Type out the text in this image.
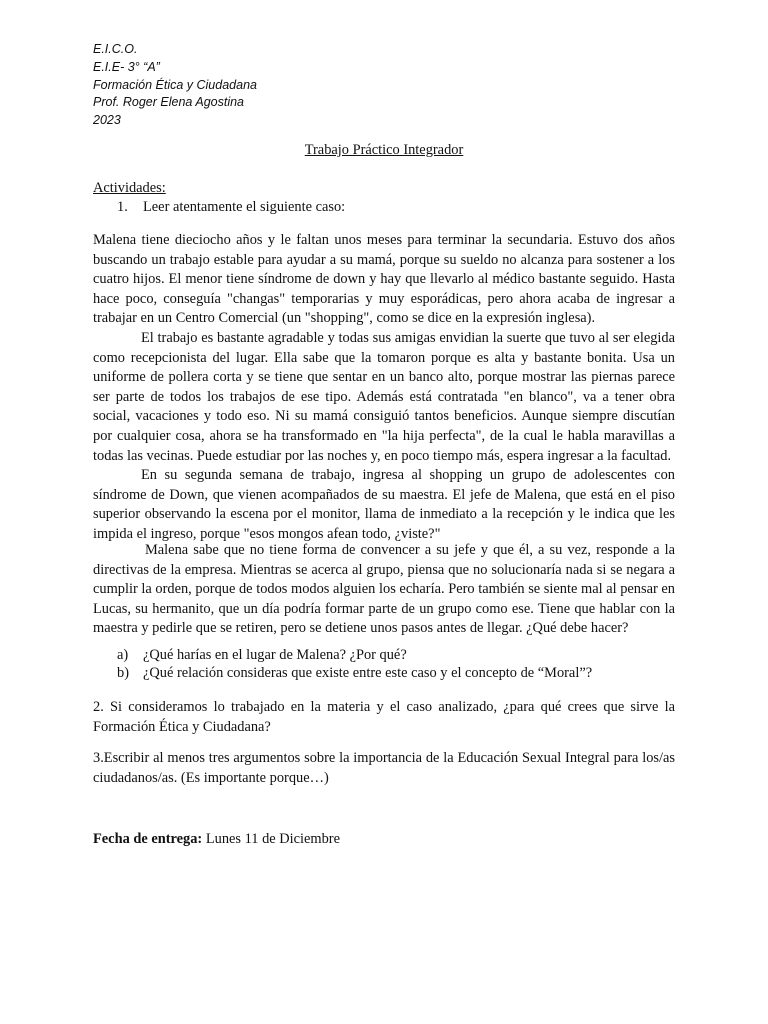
E.I.C.O.
E.I.E- 3° “A”
Formación Ética y Ciudadana
Prof. Roger Elena Agostina
2023
Trabajo Práctico Integrador
Actividades:
1. Leer atentamente el siguiente caso:

Malena tiene dieciocho años y le faltan unos meses para terminar la secundaria. Estuvo dos años buscando un trabajo estable para ayudar a su mamá, porque su sueldo no alcanza para sostener a los cuatro hijos. El menor tiene síndrome de down y hay que llevarlo al médico bastante seguido. Hasta hace poco, conseguía "changas" temporarias y muy esporádicas, pero ahora acaba de ingresar a trabajar en un Centro Comercial (un "shopping", como se dice en la expresión inglesa).

El trabajo es bastante agradable y todas sus amigas envidian la suerte que tuvo al ser elegida como recepcionista del lugar. Ella sabe que la tomaron porque es alta y bastante bonita. Usa un uniforme de pollera corta y se tiene que sentar en un banco alto, porque mostrar las piernas parece ser parte de todos los trabajos de ese tipo. Además está contratada "en blanco", va a tener obra social, vacaciones y todo eso. Ni su mamá consiguió tantos beneficios. Aunque siempre discutían por cualquier cosa, ahora se ha transformado en "la hija perfecta", de la cual le habla maravillas a todas las vecinas. Puede estudiar por las noches y, en poco tiempo más, espera ingresar a la facultad.

En su segunda semana de trabajo, ingresa al shopping un grupo de adolescentes con síndrome de Down, que vienen acompañados de su maestra. El jefe de Malena, que está en el piso superior observando la escena por el monitor, llama de inmediato a la recepción y le indica que les impida el ingreso, porque "esos mongos afean todo, ¿viste?"

Malena sabe que no tiene forma de convencer a su jefe y que él, a su vez, responde a la directivas de la empresa. Mientras se acerca al grupo, piensa que no solucionaría nada si se negara a cumplir la orden, porque de todos modos alguien los echaría. Pero también se siente mal al pensar en Lucas, su hermanito, que un día podría formar parte de un grupo como ese. Tiene que hablar con la maestra y pedirle que se retiren, pero se detiene unos pasos antes de llegar. ¿Qué debe hacer?

a) ¿Qué harías en el lugar de Malena? ¿Por qué?
b) ¿Qué relación consideras que existe entre este caso y el concepto de “Moral”?

2. Si consideramos lo trabajado en la materia y el caso analizado, ¿para qué crees que sirve la Formación Ética y Ciudadana?

3.Escribir al menos tres argumentos sobre la importancia de la Educación Sexual Integral para los/as ciudadanos/as. (Es importante porque…)

Fecha de entrega: Lunes 11 de Diciembre
